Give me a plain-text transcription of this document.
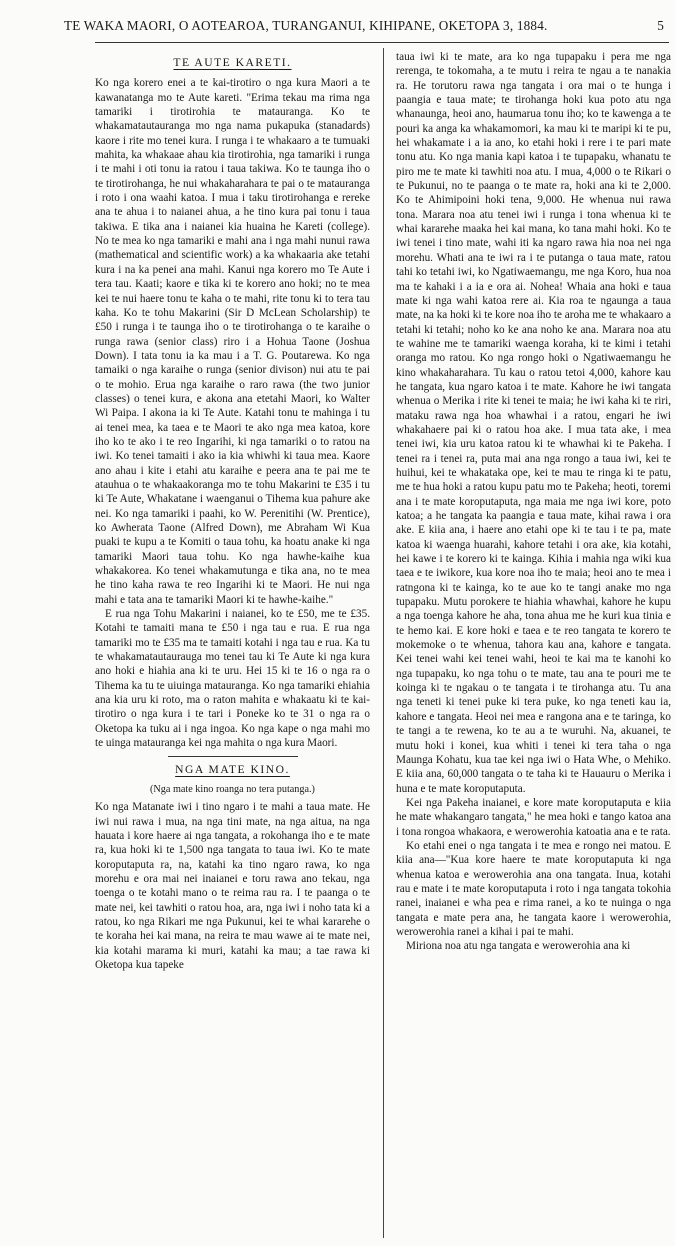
TE WAKA MAORI, O AOTEAROA, TURANGANUI, KIHIPANE, OKETOPA 3, 1884.	5
TE AUTE KARETI.

Ko nga korero enei a te kai-tirotiro o nga kura Maori a te kawanatanga mo te Aute kareti. "Erima tekau ma rima nga tamariki i tirotirohia te matauranga. Ko te whakamatautauranga mo nga nama pukapuka (stanadards) kaore i rite mo tenei kura. I runga i te whakaaro a te tumuaki mahita, ka whakaae ahau kia tirotirohia, nga tamariki i runga i te mahi i oti tonu ia ratou i taua takiwa. Ko te taunga iho o te tirotirohanga, he nui whakaharahara te pai o te matauranga i roto i ona waahi katoa. I mua i taku tirotirohanga e rereke ana te ahua i to naianei ahua, a he tino kura pai tonu i taua takiwa. E tika ana i naianei kia huaina he Kareti (college). No te mea ko nga tamariki e mahi ana i nga mahi nunui rawa (mathematical and scientific work) a ka whakaaria ake tetahi kura i na ka penei ana mahi. Kanui nga korero mo Te Aute i tera tau. Kaati; kaore e tika ki te korero ano hoki; no te mea kei te nui haere tonu te kaha o te mahi, rite tonu ki to tera tau kaha. Ko te tohu Makarini (Sir D McLean Scholarship) te £50 i runga i te taunga iho o te tirotirohanga o te karaihe o runga rawa (senior class) riro i a Hohua Taone (Joshua Down). I tata tonu ia ka mau i a T. G. Poutarewa. Ko nga tamaiki o nga karaihe o runga (senior divison) nui atu te pai o te mohio. Erua nga karaihe o raro rawa (the two junior classes) o tenei kura, e akona ana etetahi Maori, ko Walter Wi Paipa. I akona ia ki Te Aute. Katahi tonu te mahinga i tu ai tenei mea, ka taea e te Maori te ako nga mea katoa, kore iho ko te ako i te reo Ingarihi, ki nga tamariki o to ratou na iwi. Ko tenei tamaiti i ako ia kia whiwhi ki taua mea. Kaore ano ahau i kite i etahi atu karaihe e peera ana te pai me te atauhua o te whakaakoranga mo te tohu Makarini te £35 i tu ki Te Aute, Whakatane i waenganui o Tihema kua pahure ake nei. Ko nga tamariki i paahi, ko W. Perenitihi (W. Prentice), ko Awherata Taone (Alfred Down), me Abraham Wi Kua puaki te kupu a te Komiti o taua tohu, ka hoatu anake ki nga tamariki Maori taua tohu. Ko nga hawhe-kaihe kua whakakorea. Ko tenei whakamutunga e tika ana, no te mea he tino kaha rawa te reo Ingarihi ki te Maori. He nui nga mahi e tata ana te tamariki Maori ki te hawhe-kaihe."

E rua nga Tohu Makarini i naianei, ko te £50, me te £35. Kotahi te tamaiti mana te £50 i nga tau e rua. E rua nga tamariki mo te £35 ma te tamaiti kotahi i nga tau e rua. Ka tu te whakamatautaurauga mo tenei tau ki Te Aute ki nga kura ano hoki e hiahia ana ki te uru. Hei 15 ki te 16 o nga ra o Tihema ka tu te uiuinga matauranga. Ko nga tamariki ehiahia ana kia uru ki roto, ma o raton mahita e whakaatu ki te kai-tirotiro o nga kura i te tari i Poneke ko te 31 o nga ra o Oketopa ka tuku ai i nga ingoa. Ko nga kape o nga mahi mo te uinga matauranga kei nga mahita o nga kura Maori.

NGA MATE KINO.
(Nga mate kino roanga no tera putanga.)

Ko nga Matanate iwi i tino ngaro i te mahi a taua mate. He iwi nui rawa i mua, na nga tini mate, na nga aitua, na nga hauata i kore haere ai nga tangata, a rokohanga iho e te mate ra, kua hoki ki te 1,500 nga tangata to taua iwi. Ko te mate koroputaputa ra, na, katahi ka tino ngaro rawa, ko nga morehu e ora mai nei inaianei e toru rawa ano tekau, nga toenga o te kotahi mano o te reima rau ra. I te paanga o te mate nei, kei tawhiti o ratou hoa, ara, nga iwi i noho tata ki a ratou, ko nga Rikari me nga Pukunui, kei te whai kararehe o te koraha hei kai mana, na reira te mau wawe ai te mate nei, kia kotahi marama ki muri, katahi ka mau; a tae rawa ki Oketopa kua tapeke

taua iwi ki te mate, ara ko nga tupapaku i pera me nga rerenga, te tokomaha, a te mutu i reira te ngau a te nanakia ra. He torutoru rawa nga tangata i ora mai o te hunga i paangia e taua mate; te tirohanga hoki kua poto atu nga whanaunga, heoi ano, haumarua tonu iho; ko te kawenga a te pouri ka anga ka whakamomori, ka mau ki te maripi ki te pu, hei whakamate i a ia ano, ko etahi hoki i rere i te pari mate tonu atu. Ko nga mania kapi katoa i te tupapaku, whanatu te piro me te mate ki tawhiti noa atu. I mua, 4,000 o te Rikari o te Pukunui, no te paanga o te mate ra, hoki ana ki te 2,000. Ko te Ahimipoini hoki tena, 9,000. He whenua nui rawa tona. Marara noa atu tenei iwi i runga i tona whenua ki te whai kararehe maaka hei kai mana, ko tana mahi hoki. Ko te iwi tenei i tino mate, wahi iti ka ngaro rawa hia noa nei nga morehu. Whati ana te iwi ra i te putanga o taua mate, ratou tahi ko tetahi iwi, ko Ngatiwaemangu, me nga Koro, hua noa ma te kahaki i a ia e ora ai. Nohea! Whaia ana hoki e taua mate ki nga wahi katoa rere ai. Kia roa te ngaunga a taua mate, na ka hoki ki te kore noa iho te aroha me te whakaaro a tetahi ki tetahi; noho ko ke ana noho ke ana. Marara noa atu te wahine me te tamariki waenga koraha, ki te kimi i tetahi oranga mo ratou. Ko nga rongo hoki o Ngatiwaemangu he kino whakaharahara. Tu kau o ratou tetoi 4,000, kahore kau he tangata, kua ngaro katoa i te mate. Kahore he iwi tangata whenua o Merika i rite ki tenei te maia; he iwi kaha ki te riri, mataku rawa nga hoa whawhai i a ratou, engari he iwi whakahaere pai ki o ratou hoa ake. I mua tata ake, i mea tenei iwi, kia uru katoa ratou ki te whawhai ki te Pakeha. I tenei ra i tenei ra, puta mai ana nga rongo a taua iwi, kei te huihui, kei te whakataka ope, kei te mau te ringa ki te patu, me te hua hoki a ratou kupu patu mo te Pakeha; heoti, toremi ana i te mate koroputaputa, nga maia me nga iwi kore, poto katoa; a he tangata ka paangia e taua mate, kihai rawa i ora ake. E kiia ana, i haere ano etahi ope ki te tau i te pa, mate katoa ki waenga huarahi, kahore tetahi i ora ake, kia kotahi, hei kawe i te korero ki te kainga. Kihia i mahia nga wiki kua taea e te iwikore, kua kore noa iho te maia; heoi ano te mea i ratngona ki te kainga, ko te aue ko te tangi anake mo nga tupapaku. Mutu porokere te hiahia whawhai, kahore he kupu a nga toenga kahore he aha, tona ahua me he kuri kua tinia e te hemo kai. E kore hoki e taea e te reo tangata te korero te mokemoke o te whenua, tahora kau ana, kahore e tangata. Kei tenei wahi kei tenei wahi, heoi te kai ma te kanohi ko nga tupapaku, ko nga tohu o te mate, tau ana te pouri me te koinga ki te ngakau o te tangata i te tirohanga atu. Tu ana nga teneti ki tenei puke ki tera puke, ko nga teneti kau ia, kahore e tangata. Heoi nei mea e rangona ana e te taringa, ko te tangi a te rewena, ko te au a te wuruhi. Na, akuanei, te mutu hoki i konei, kua whiti i tenei ki tera taha o nga Maunga Kohatu, kua tae kei nga iwi o Hata Whe, o Mehiko. E kiia ana, 60,000 tangata o te taha ki te Hauauru o Merika i huna e te mate koroputaputa.

Kei nga Pakeha inaianei, e kore mate koroputaputa e kiia he mate whakangaro tangata," he mea hoki e tango katoa ana i tona rongoa whakaora, e werowerohia katoatia ana e te rata.

Ko etahi enei o nga tangata i te mea e rongo nei matou. E kiia ana—"Kua kore haere te mate koroputaputa ki nga whenua katoa e werowerohia ana ona tangata. Inua, kotahi rau e mate i te mate koroputaputa i roto i nga tangata tokohia ranei, inaianei e wha pea e rima ranei, a ko te nuinga o nga tangata e mate pera ana, he tangata kaore i werowerohia, werowerohia ranei a kihai i pai te mahi.

Miriona noa atu nga tangata e werowerohia ana ki
